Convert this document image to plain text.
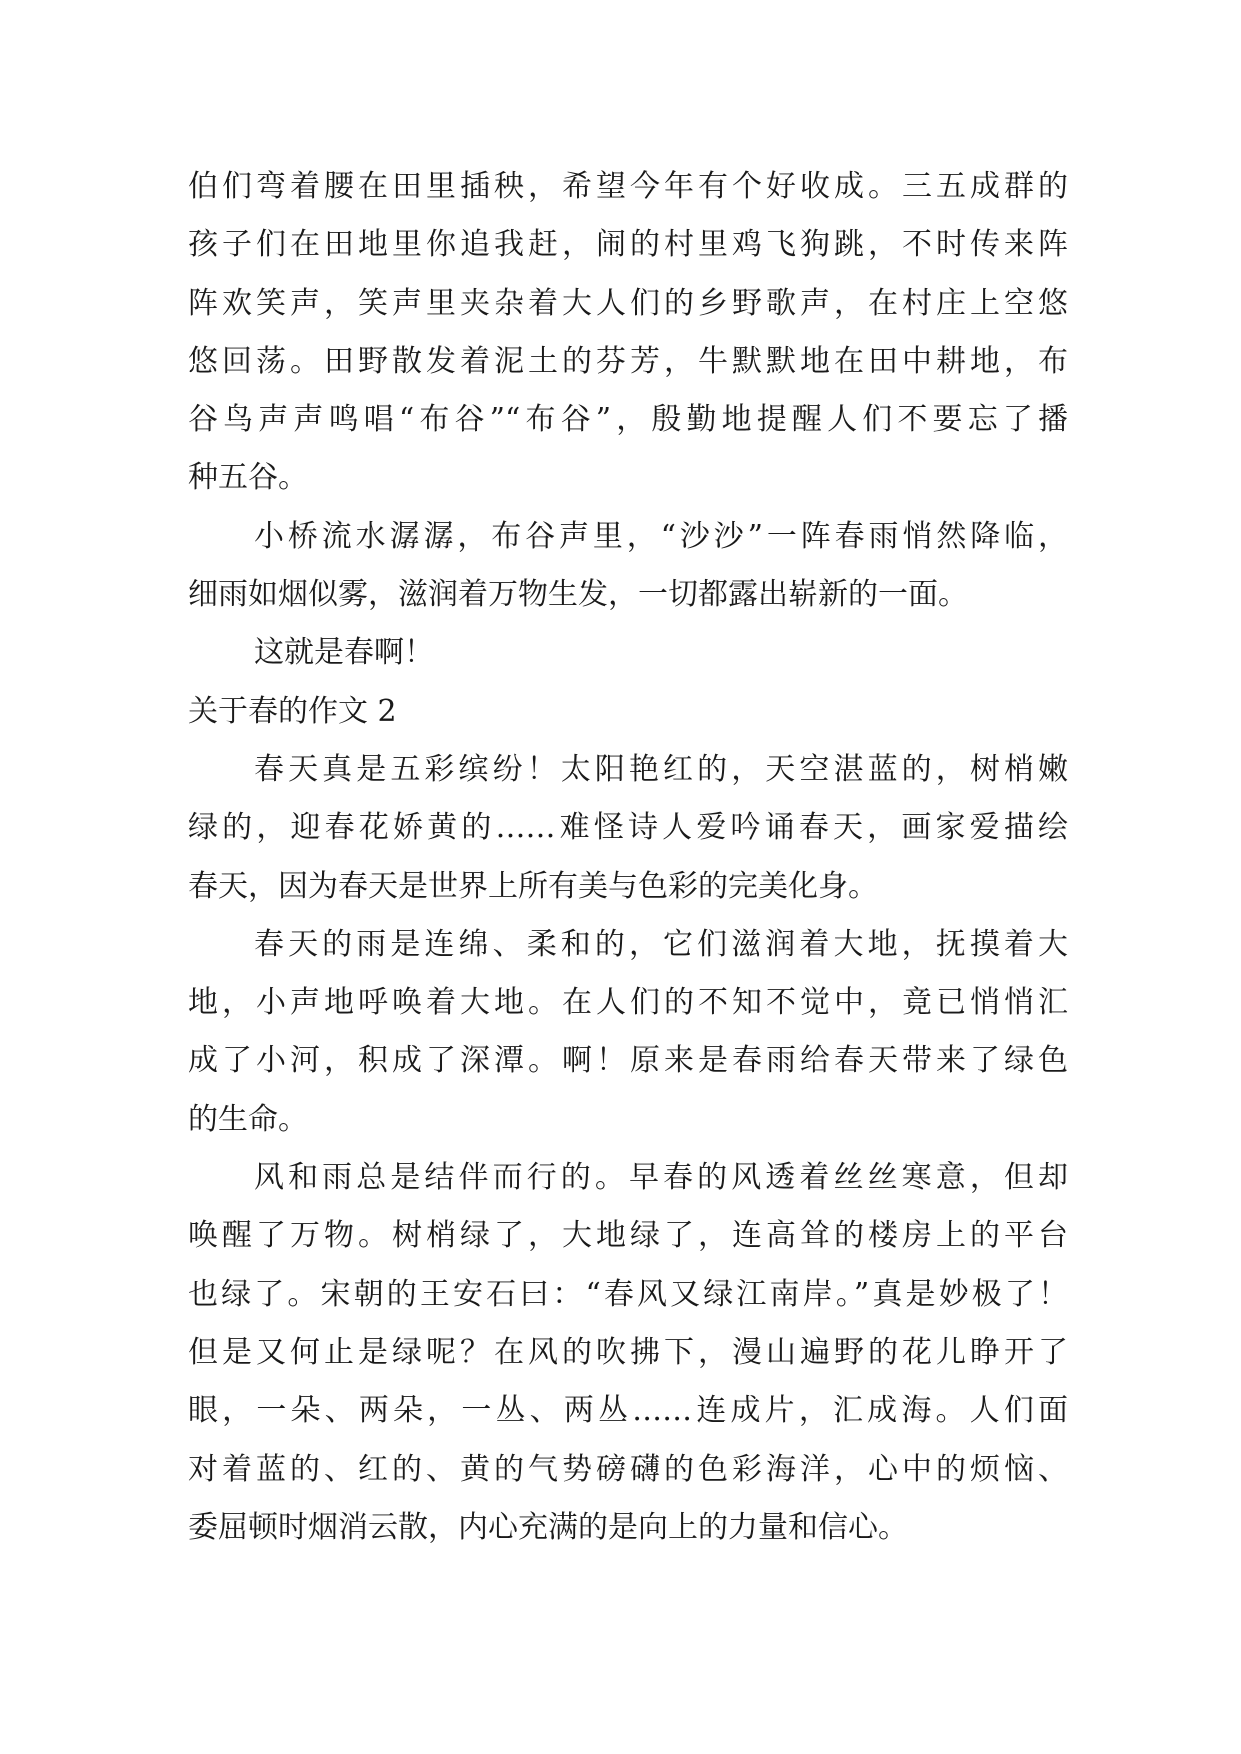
伯们弯着腰在田里插秧，希望今年有个好收成。三五成群的
孩子们在田地里你追我赶，闹的村里鸡飞狗跳，不时传来阵
阵欢笑声，笑声里夹杂着大人们的乡野歌声，在村庄上空悠
悠回荡。田野散发着泥土的芬芳，牛默默地在田中耕地，布
谷鸟声声鸣唱“布谷”“布谷”，殷勤地提醒人们不要忘了播
种五谷。
小桥流水潺潺，布谷声里，“沙沙”一阵春雨悄然降临，
细雨如烟似雾，滋润着万物生发，一切都露出崭新的一面。
这就是春啊！
关于春的作文 2
春天真是五彩缤纷！太阳艳红的，天空湛蓝的，树梢嫩
绿的，迎春花娇黄的……难怪诗人爱吟诵春天，画家爱描绘
春天，因为春天是世界上所有美与色彩的完美化身。
春天的雨是连绵、柔和的，它们滋润着大地，抚摸着大
地，小声地呼唤着大地。在人们的不知不觉中，竟已悄悄汇
成了小河，积成了深潭。啊！原来是春雨给春天带来了绿色
的生命。
风和雨总是结伴而行的。早春的风透着丝丝寒意，但却
唤醒了万物。树梢绿了，大地绿了，连高耸的楼房上的平台
也绿了。宋朝的王安石曰：“春风又绿江南岸。”真是妙极了！
但是又何止是绿呢？在风的吹拂下，漫山遍野的花儿睁开了
眼，一朵、两朵，一丛、两丛……连成片，汇成海。人们面
对着蓝的、红的、黄的气势磅礴的色彩海洋，心中的烦恼、
委屈顿时烟消云散，内心充满的是向上的力量和信心。
